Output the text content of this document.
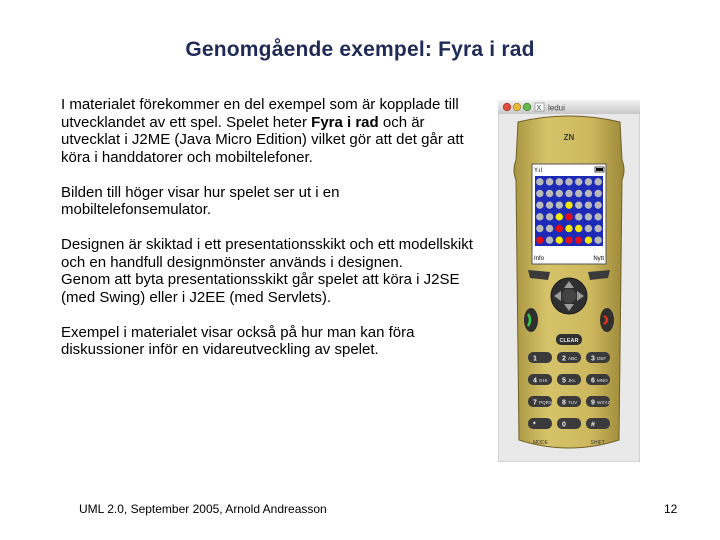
Genomgående exempel: Fyra i rad

I materialet förekommer en del exempel som är kopplade till utvecklandet av ett spel. Spelet heter Fyra i rad och är utvecklat i J2ME (Java Micro Edition) vilket gör att det går att köra i handdatorer och mobiltelefoner.

Bilden till höger visar hur spelet ser ut i en mobiltelefonsemulator.

Designen är skiktad i ett presentationsskikt och ett modellskikt och en handfull designmönster används i designen.

Genom att byta presentationsskikt går spelet att köra i J2SE (med Swing) eller i J2EE (med Servlets).

Exempel i materialet visar också på hur man kan föra diskussioner inför en vidareutveckling av spelet.

X ledui
ZN
Y.ıl
Info	Nytt
CLEAR
1	2 ABC 3 DEF
4 GHI 5 JKL 6 MNO
7 PQRS 8 TUV 9 WXYZ
*	0	#
MODE	SHIFT
UML 2.0, September 2005, Arnold Andreasson	12
